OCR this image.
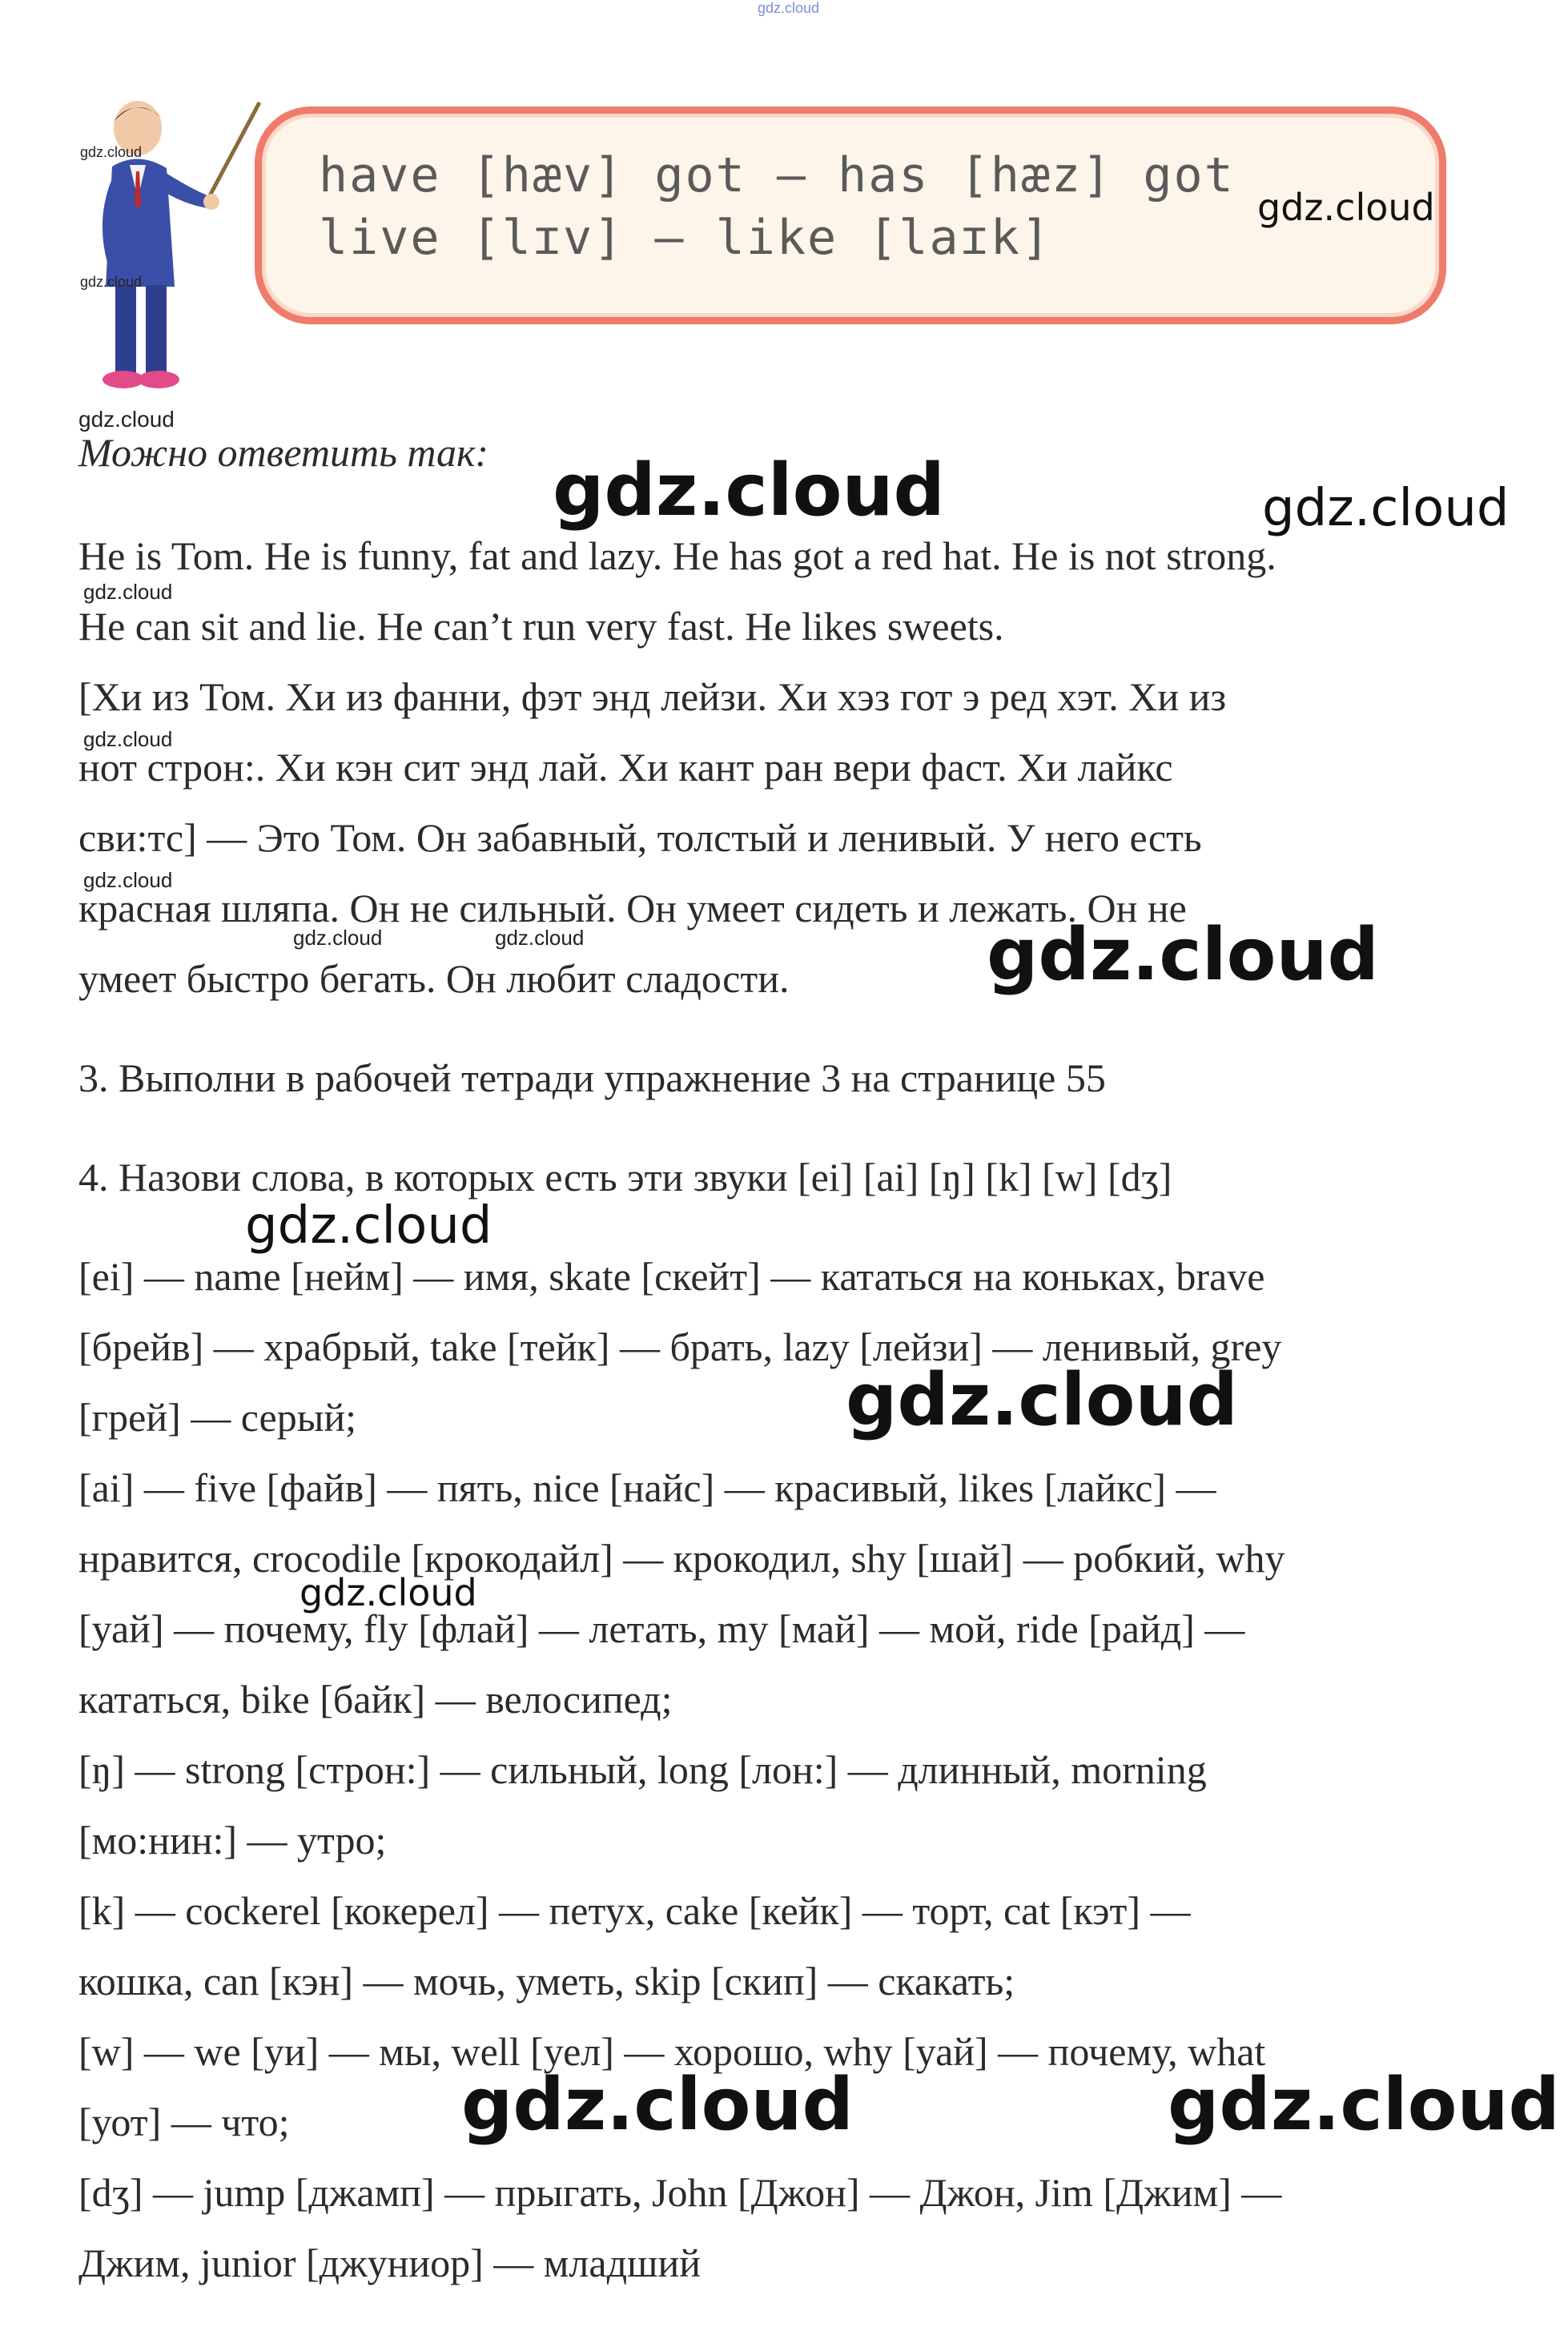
gdz.cloud
gdz.cloud
gdz.cloud
have [hæv] got – has [hæz] got
live [lɪv] – like [laɪk]
gdz.cloud
gdz.cloud
Можно ответить так: gdz.cloud	gdz.cloud
He is Tom. He is funny, fat and lazy. He has got a red hat. He is not strong.
gdz.cloud
He can sit and lie. He can’t run very fast. He likes sweets.
[Хи из Том. Хи из фанни, фэт энд лейзи. Хи хэз гот э ред хэт. Хи из
gdz.cloud
нот строн:. Хи кэн сит энд лай. Хи кант ран вери фаст. Хи лайкс
сви:тс] — Это Том. Он забавный, толстый и ленивый. У него есть
gdz.cloud
красная шляпа. Он не сильный. Он умеет сидеть и лежать. Он не
gdz.cloud	gdz.cloud
умеет быстро бегать. Он любит сладости.	gdz.cloud
3. Выполни в рабочей тетради упражнение 3 на странице 55
4. Назови слова, в которых есть эти звуки [ei] [ai] [ŋ] [k] [w] [dʒ]
gdz.cloud
[ei] — name [нейм] — имя, skate [скейт] — кататься на коньках, brave
[брейв] — храбрый, take [тейк] — брать, lazy [лейзи] — ленивый, grey
[грей] — серый;	gdz.cloud
[ai] — five [файв] — пять, nice [найс] — красивый, likes [лайкс] —
нравится, crocodile [крокодайл] — крокодил, shy [шай] — робкий, why
gdz.cloud
[уай] — почему, fly [флай] — летать, my [май] — мой, ride [райд] —
кататься, bike [байк] — велосипед;
[ŋ] — strong [строн:] — сильный, long [лон:] — длинный, morning
[мо:нин:] — утро;
[k] — cockerel [кокерел] — петух, cake [кейк] — торт, cat [кэт] —
кошка, can [кэн] — мочь, уметь, skip [скип] — скакать;
[w] — we [уи] — мы, well [уел] — хорошо, why [уай] — почему, what
[уот] — что; gdz.cloud	gdz.cloud
[dʒ] — jump [джамп] — прыгать, John [Джон] — Джон, Jim [Джим] —
Джим, junior [джуниор] — младший
